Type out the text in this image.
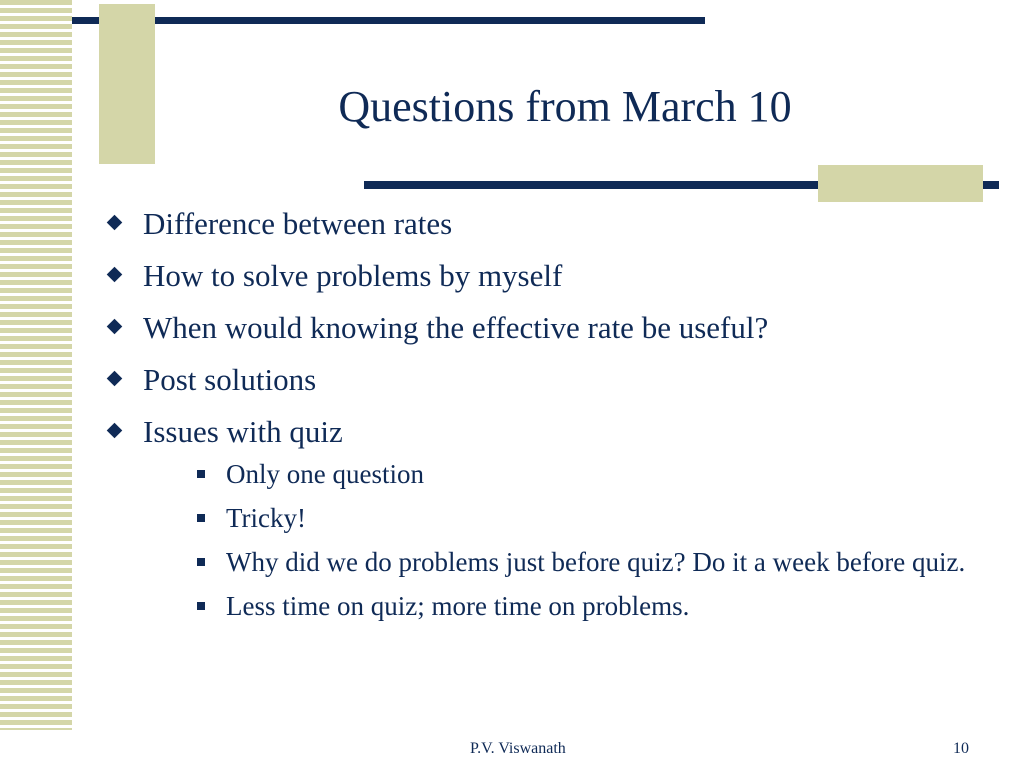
Questions from March 10
Difference between rates
How to solve problems by myself
When would knowing the effective rate be useful?
Post solutions
Issues with quiz
Only one question
Tricky!
Why did we do problems just before quiz? Do it a week before quiz.
Less time on quiz; more time on problems.
P.V. Viswanath	10
